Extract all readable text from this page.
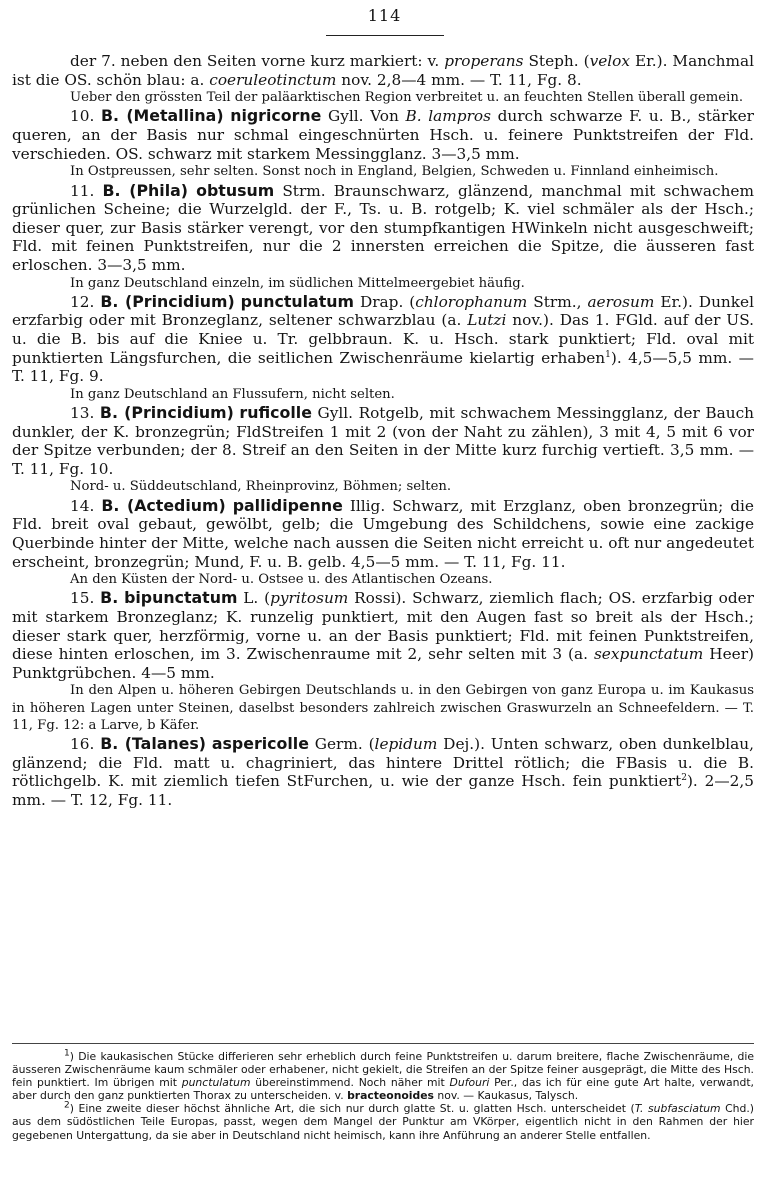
114

der 7. neben den Seiten vorne kurz markiert: v. properans Steph. (velox Er.). Manchmal ist die OS. schön blau: a. coeruleotinctum nov. 2,8—4 mm. — T. 11, Fg. 8.

Ueber den grössten Teil der paläarktischen Region verbreitet u. an feuchten Stellen überall gemein.

10. B. (Metallina) nigricorne Gyll. Von B. lampros durch schwarze F. u. B., stärker queren, an der Basis nur schmal eingeschnürten Hsch. u. feinere Punktstreifen der Fld. verschieden. OS. schwarz mit starkem Messingglanz. 3—3,5 mm.

In Ostpreussen, sehr selten. Sonst noch in England, Belgien, Schweden u. Finnland einheimisch.

11. B. (Phila) obtusum Strm. Braunschwarz, glänzend, manchmal mit schwachem grünlichen Scheine; die Wurzelgld. der F., Ts. u. B. rotgelb; K. viel schmäler als der Hsch.; dieser quer, zur Basis stärker verengt, vor den stumpfkantigen HWinkeln nicht ausgeschweift; Fld. mit feinen Punktstreifen, nur die 2 innersten erreichen die Spitze, die äusseren fast erloschen. 3—3,5 mm.

In ganz Deutschland einzeln, im südlichen Mittelmeergebiet häufig.

12. B. (Princidium) punctulatum Drap. (chlorophanum Strm., aerosum Er.). Dunkel erzfarbig oder mit Bronzeglanz, seltener schwarzblau (a. Lutzi nov.). Das 1. FGld. auf der US. u. die B. bis auf die Kniee u. Tr. gelbbraun. K. u. Hsch. stark punktiert; Fld. oval mit punktierten Längsfurchen, die seitlichen Zwischenräume kielartig erhaben$^1$). 4,5—5,5 mm. — T. 11, Fg. 9.

In ganz Deutschland an Flussufern, nicht selten.

13. B. (Princidium) ruficolle Gyll. Rotgelb, mit schwachem Messingglanz, der Bauch dunkler, der K. bronzegrün; FldStreifen 1 mit 2 (von der Naht zu zählen), 3 mit 4, 5 mit 6 vor der Spitze verbunden; der 8. Streif an den Seiten in der Mitte kurz furchig vertieft. 3,5 mm. — T. 11, Fg. 10.

Nord- u. Süddeutschland, Rheinprovinz, Böhmen; selten.

14. B. (Actedium) pallidipenne Illig. Schwarz, mit Erzglanz, oben bronzegrün; die Fld. breit oval gebaut, gewölbt, gelb; die Umgebung des Schildchens, sowie eine zackige Querbinde hinter der Mitte, welche nach aussen die Seiten nicht erreicht u. oft nur angedeutet erscheint, bronzegrün; Mund, F. u. B. gelb. 4,5—5 mm. — T. 11, Fg. 11.

An den Küsten der Nord- u. Ostsee u. des Atlantischen Ozeans.

15. B. bipunctatum L. (pyritosum Rossi). Schwarz, ziemlich flach; OS. erzfarbig oder mit starkem Bronzeglanz; K. runzelig punktiert, mit den Augen fast so breit als der Hsch.; dieser stark quer, herzförmig, vorne u. an der Basis punktiert; Fld. mit feinen Punktstreifen, diese hinten erloschen, im 3. Zwischenraume mit 2, sehr selten mit 3 (a. sexpunctatum Heer) Punktgrübchen. 4—5 mm.

In den Alpen u. höheren Gebirgen Deutschlands u. in den Gebirgen von ganz Europa u. im Kaukasus in höheren Lagen unter Steinen, daselbst besonders zahlreich zwischen Graswurzeln an Schneefeldern. — T. 11, Fg. 12: a Larve, b Käfer.

16. B. (Talanes) aspericolle Germ. (lepidum Dej.). Unten schwarz, oben dunkelblau, glänzend; die Fld. matt u. chagriniert, das hintere Drittel rötlich; die FBasis u. die B. rötlichgelb. K. mit ziemlich tiefen StFurchen, u. wie der ganze Hsch. fein punktiert$^2$). 2—2,5 mm. — T. 12, Fg. 11.

$^1$) Die kaukasischen Stücke differieren sehr erheblich durch feine Punktstreifen u. darum breitere, flache Zwischenräume, die äusseren Zwischenräume kaum schmäler oder erhabener, nicht gekielt, die Streifen an der Spitze feiner ausgeprägt, die Mitte des Hsch. fein punktiert. Im übrigen mit punctulatum übereinstimmend. Noch näher mit Dufouri Per., das ich für eine gute Art halte, verwandt, aber durch den ganz punktierten Thorax zu unterscheiden. v. bracteonoides nov. — Kaukasus, Talysch.

$^2$) Eine zweite dieser höchst ähnliche Art, die sich nur durch glatte St. u. glatten Hsch. unterscheidet (T. subfasciatum Chd.) aus dem südöstlichen Teile Europas, passt, wegen dem Mangel der Punktur am VKörper, eigentlich nicht in den Rahmen der hier gegebenen Untergattung, da sie aber in Deutschland nicht heimisch, kann ihre Anführung an anderer Stelle entfallen.
